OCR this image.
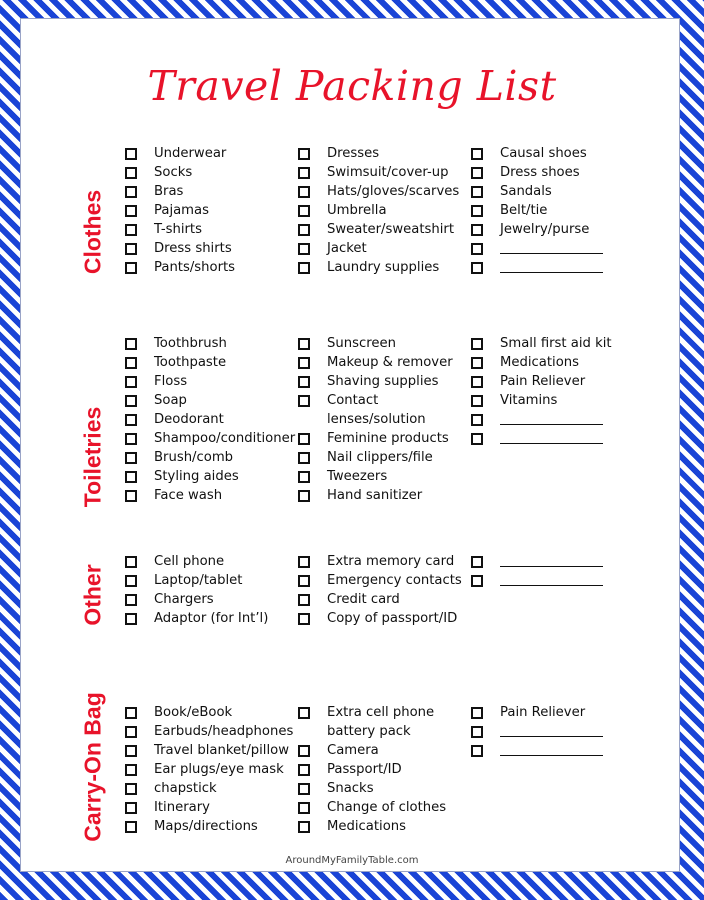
Travel Packing List
Clothes
Underwear
Socks
Bras
Pajamas
T-shirts
Dress shirts
Pants/shorts
Dresses
Swimsuit/cover-up
Hats/gloves/scarves
Umbrella
Sweater/sweatshirt
Jacket
Laundry supplies
Causal shoes
Dress shoes
Sandals
Belt/tie
Jewelry/purse
Toiletries
Toothbrush
Toothpaste
Floss
Soap
Deodorant
Shampoo/conditioner
Brush/comb
Styling aides
Face wash
Sunscreen
Makeup & remover
Shaving supplies
Contact
lenses/solution
Feminine products
Nail clippers/file
Tweezers
Hand sanitizer
Small first aid kit
Medications
Pain Reliever
Vitamins
Other
Cell phone
Laptop/tablet
Chargers
Adaptor (for Int’l)
Extra memory card
Emergency contacts
Credit card
Copy of passport/ID
Carry-On Bag	Book/eBook
Earbuds/headphones
Travel blanket/pillow
Ear plugs/eye mask
chapstick
Itinerary
Maps/directions
Extra cell phone
battery pack
Camera
Passport/ID
Snacks
Change of clothes
Medications
Pain Reliever
AroundMyFamilyTable.com
